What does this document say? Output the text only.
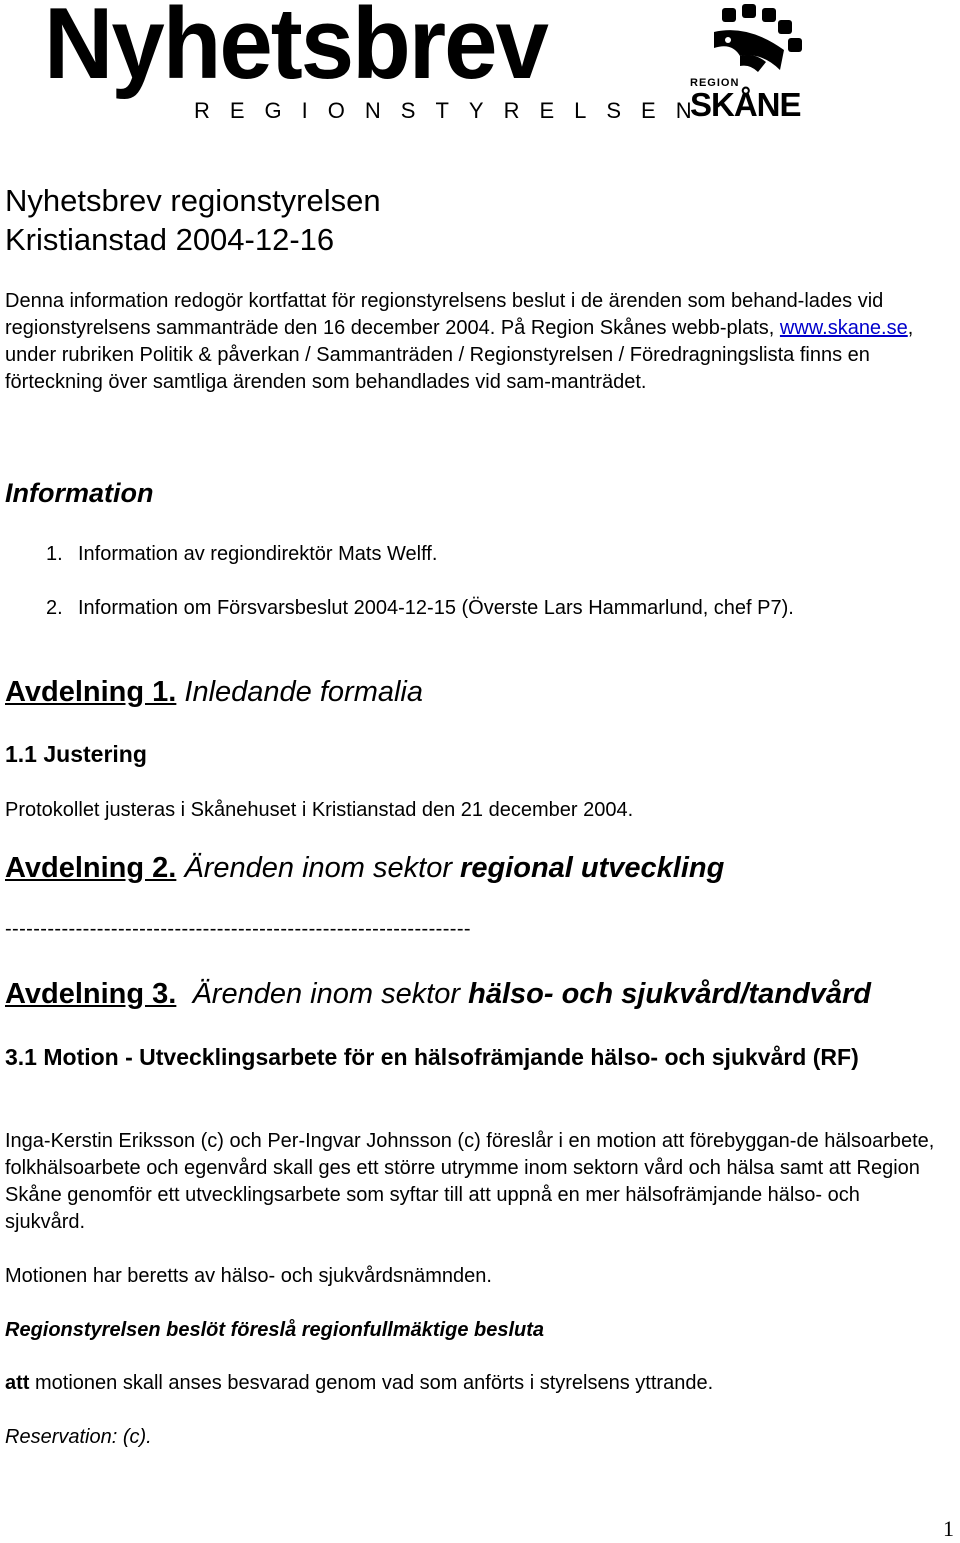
Nyhetsbrev
REGIONSTYRELSEN
REGION
SKÅNE
Nyhetsbrev regionstyrelsen
Kristianstad 2004-12-16
Denna information redogör kortfattat för regionstyrelsens beslut i de ärenden som behand-lades vid regionstyrelsens sammanträde den 16 december 2004. På Region Skånes webb-plats, www.skane.se, under rubriken Politik & påverkan / Sammanträden / Regionstyrelsen / Föredragningslista finns en förteckning över samtliga ärenden som behandlades vid sam-manträdet.
Information
1. Information av regiondirektör Mats Welff.
2. Information om Försvarsbeslut 2004-12-15 (Överste Lars Hammarlund, chef P7).
Avdelning 1. Inledande formalia
1.1 Justering
Protokollet justeras i Skånehuset i Kristianstad den 21 december 2004.
Avdelning 2. Ärenden inom sektor regional utveckling
------------------------------------------------------------------
Avdelning 3.  Ärenden inom sektor hälso- och sjukvård/tandvård
3.1 Motion - Utvecklingsarbete för en hälsofrämjande hälso- och sjukvård (RF)
Inga-Kerstin Eriksson (c) och Per-Ingvar Johnsson (c) föreslår i en motion att förebyggan-de hälsoarbete, folkhälsoarbete och egenvård skall ges ett större utrymme inom sektorn vård och hälsa samt att Region Skåne genomför ett utvecklingsarbete som syftar till att uppnå en mer hälsofrämjande hälso- och sjukvård.
Motionen har beretts av hälso- och sjukvårdsnämnden.
Regionstyrelsen beslöt föreslå regionfullmäktige besluta
att motionen skall anses besvarad genom vad som anförts i styrelsens yttrande.
Reservation: (c).
1
